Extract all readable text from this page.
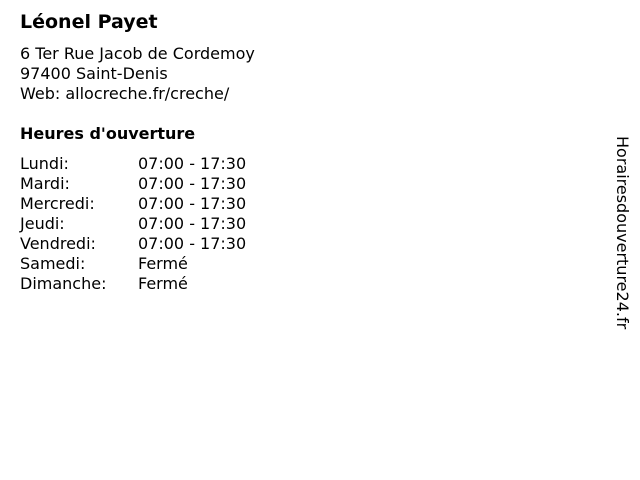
Léonel Payet
6 Ter Rue Jacob de Cordemoy
97400 Saint-Denis
Web: allocreche.fr/creche/
Heures d'ouverture
Lundi:	07:00 - 17:30
Mardi:	07:00 - 17:30
Mercredi:	07:00 - 17:30
Jeudi:	07:00 - 17:30
Vendredi:	07:00 - 17:30
Samedi:	Fermé
Dimanche:	Fermé	Horairesdouverture24.fr
